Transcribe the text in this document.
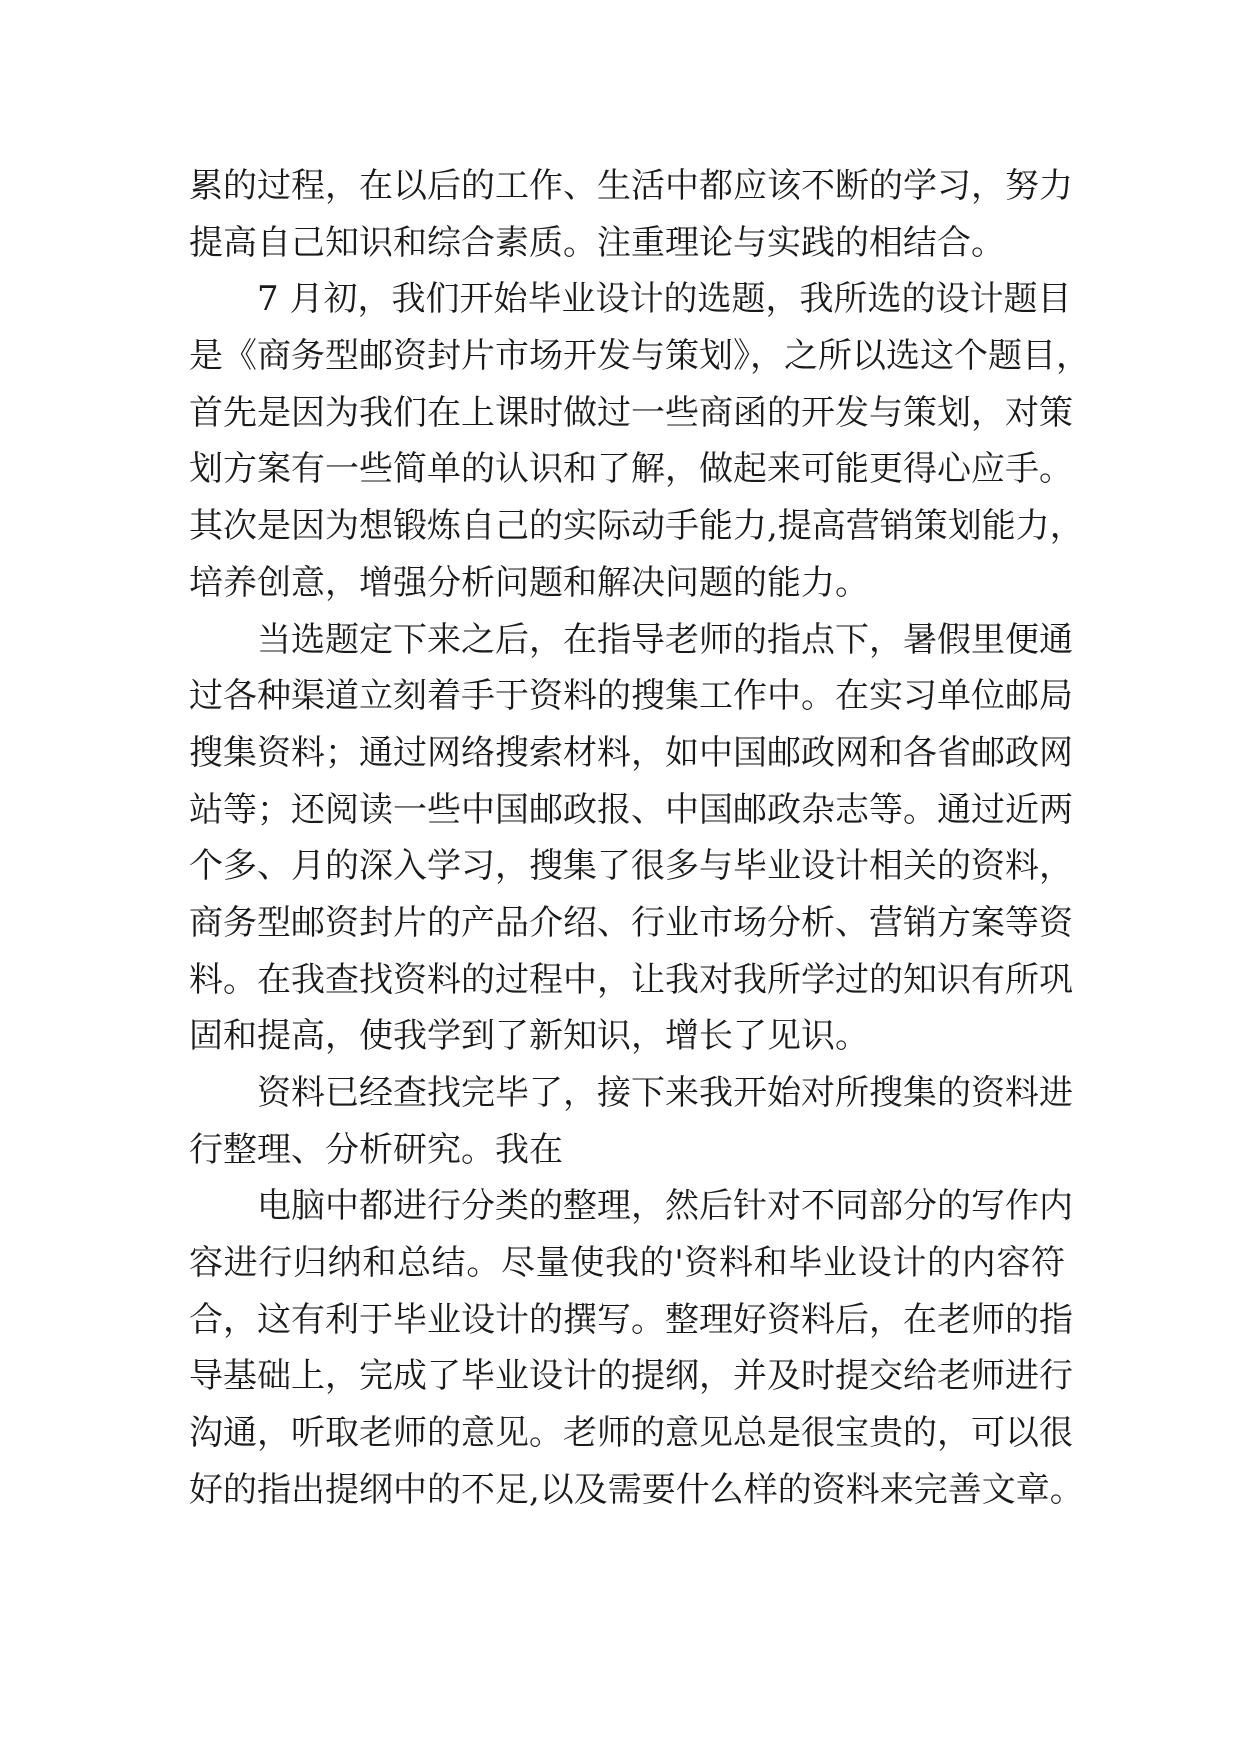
累的过程，在以后的工作、生活中都应该不断的学习，努力
提高自己知识和综合素质。注重理论与实践的相结合。
7 月初，我们开始毕业设计的选题，我所选的设计题目
是《商务型邮资封片市场开发与策划》，之所以选这个题目，
首先是因为我们在上课时做过一些商函的开发与策划，对策
划方案有一些简单的认识和了解，做起来可能更得心应手。
其次是因为想锻炼自己的实际动手能力,提高营销策划能力，
培养创意，增强分析问题和解决问题的能力。
当选题定下来之后，在指导老师的指点下，暑假里便通
过各种渠道立刻着手于资料的搜集工作中。在实习单位邮局
搜集资料；通过网络搜索材料，如中国邮政网和各省邮政网
站等；还阅读一些中国邮政报、中国邮政杂志等。通过近两
个多、月的深入学习，搜集了很多与毕业设计相关的资料，
商务型邮资封片的产品介绍、行业市场分析、营销方案等资
料。在我查找资料的过程中，让我对我所学过的知识有所巩
固和提高，使我学到了新知识，增长了见识。
资料已经查找完毕了，接下来我开始对所搜集的资料进
行整理、分析研究。我在
电脑中都进行分类的整理，然后针对不同部分的写作内
容进行归纳和总结。尽量使我的'资料和毕业设计的内容符
合，这有利于毕业设计的撰写。整理好资料后，在老师的指
导基础上，完成了毕业设计的提纲，并及时提交给老师进行
沟通，听取老师的意见。老师的意见总是很宝贵的，可以很
好的指出提纲中的不足,以及需要什么样的资料来完善文章。
